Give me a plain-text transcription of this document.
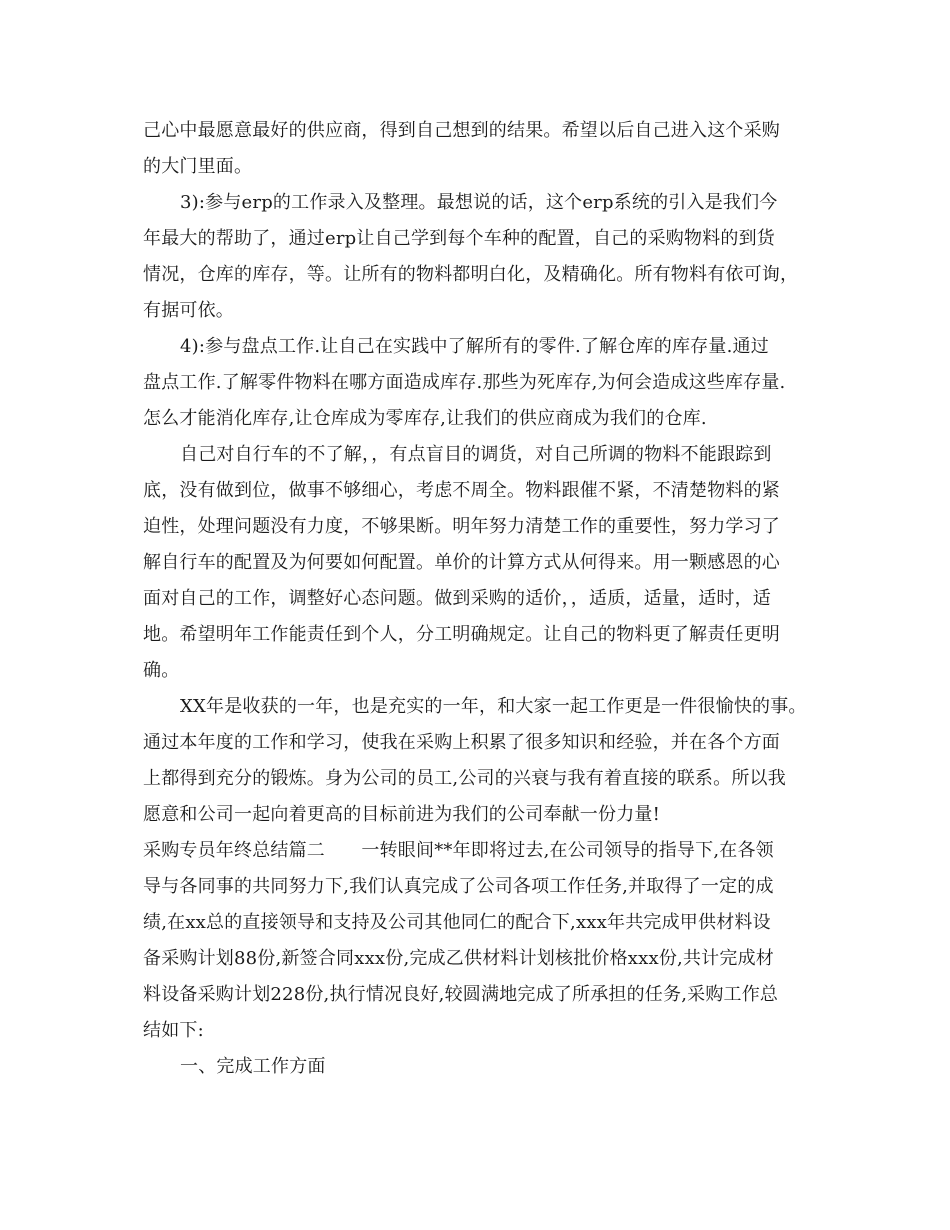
己心中最愿意最好的供应商，得到自己想到的结果。希望以后自己进入这个采购
的大门里面。
3):参与erp的工作录入及整理。最想说的话，这个erp系统的引入是我们今
年最大的帮助了，通过erp让自己学到每个车种的配置，自己的采购物料的到货
情况，仓库的库存，等。让所有的物料都明白化，及精确化。所有物料有依可询，
有据可依。
4):参与盘点工作.让自己在实践中了解所有的零件.了解仓库的库存量.通过
盘点工作.了解零件物料在哪方面造成库存.那些为死库存,为何会造成这些库存量.
怎么才能消化库存,让仓库成为零库存,让我们的供应商成为我们的仓库.
自己对自行车的不了解，，有点盲目的调货，对自己所调的物料不能跟踪到
底，没有做到位，做事不够细心，考虑不周全。物料跟催不紧，不清楚物料的紧
迫性，处理问题没有力度，不够果断。明年努力清楚工作的重要性，努力学习了
解自行车的配置及为何要如何配置。单价的计算方式从何得来。用一颗感恩的心
面对自己的工作，调整好心态问题。做到采购的适价，，适质，适量，适时，适
地。希望明年工作能责任到个人，分工明确规定。让自己的物料更了解责任更明
确。
XX年是收获的一年，也是充实的一年，和大家一起工作更是一件很愉快的事。
通过本年度的工作和学习，使我在采购上积累了很多知识和经验，并在各个方面
上都得到充分的锻炼。身为公司的员工,公司的兴衰与我有着直接的联系。所以我
愿意和公司一起向着更高的目标前进为我们的公司奉献一份力量!
采购专员年终总结篇二　　一转眼间**年即将过去,在公司领导的指导下,在各领
导与各同事的共同努力下,我们认真完成了公司各项工作任务,并取得了一定的成
绩,在xx总的直接领导和支持及公司其他同仁的配合下,xxx年共完成甲供材料设
备采购计划88份,新签合同xxx份,完成乙供材料计划核批价格xxx份,共计完成材
料设备采购计划228份,执行情况良好,较圆满地完成了所承担的任务,采购工作总
结如下:
一、完成工作方面
